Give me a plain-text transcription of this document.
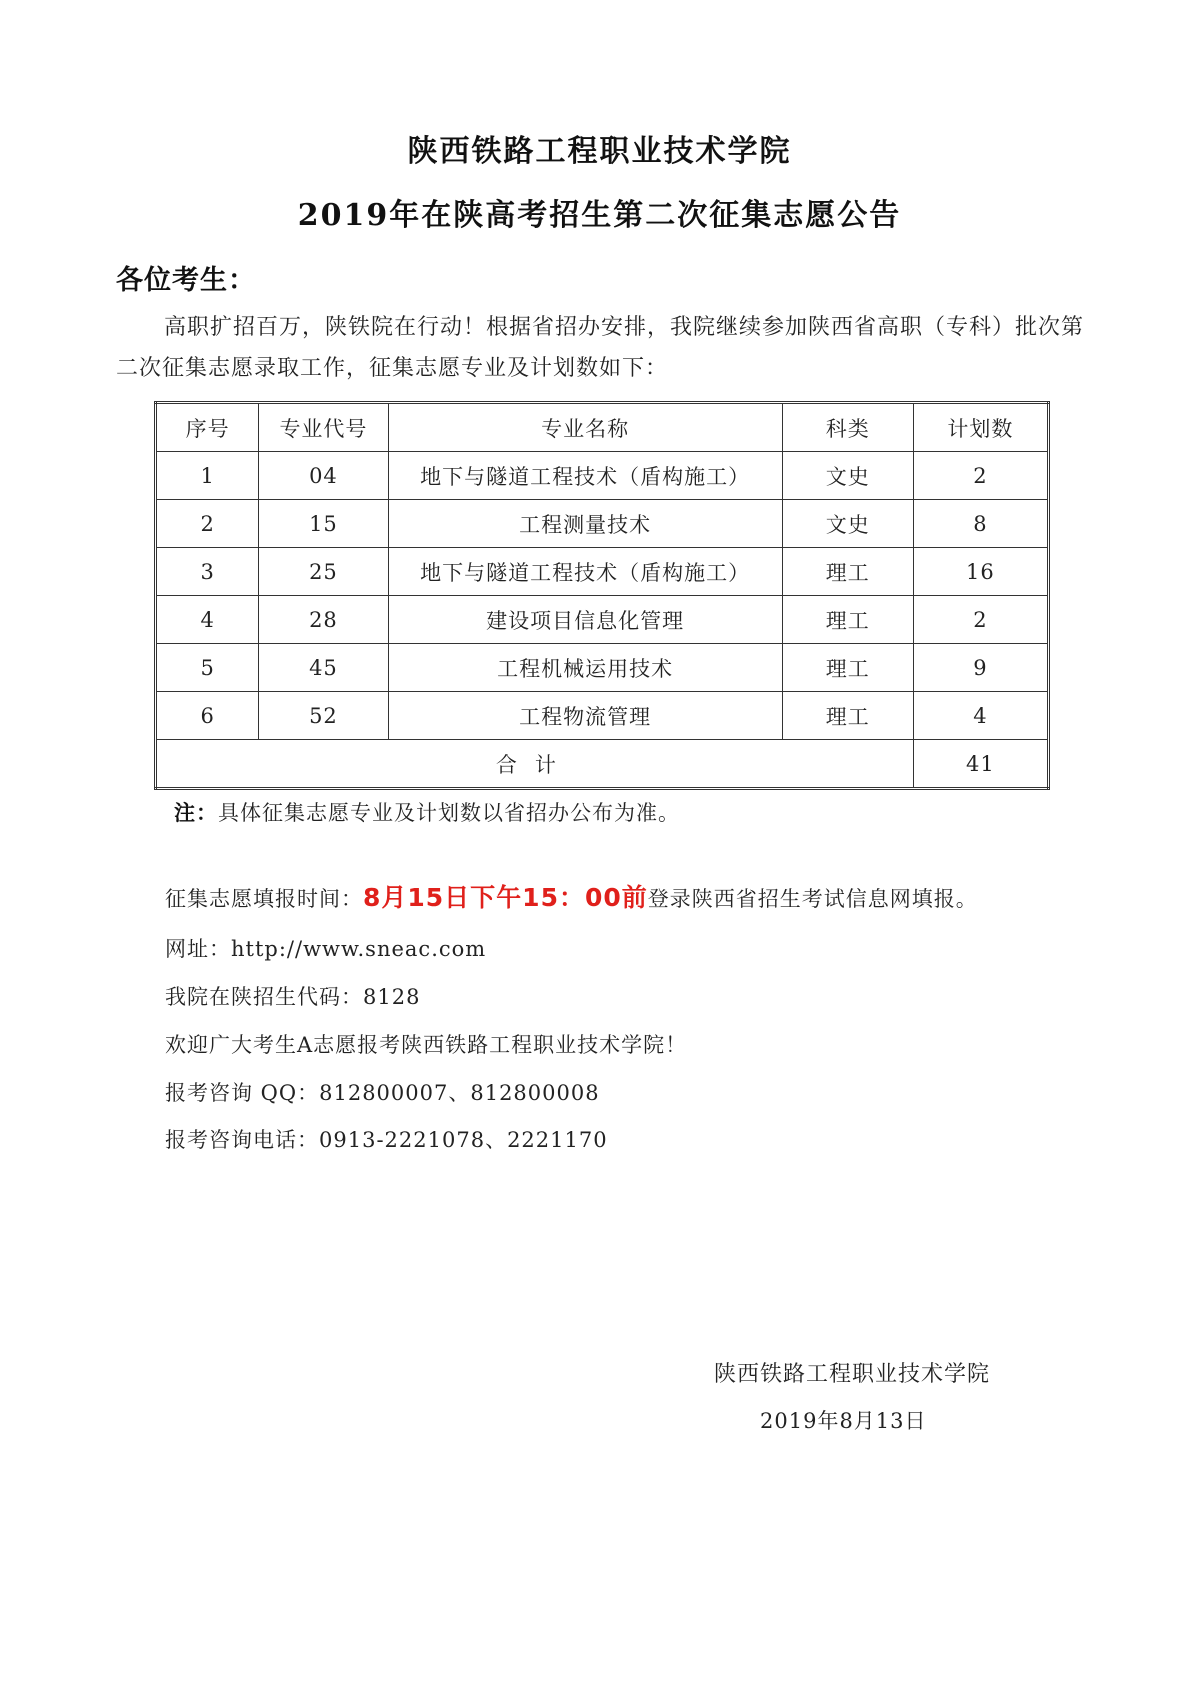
陕西铁路工程职业技术学院
2019年在陕高考招生第二次征集志愿公告
各位考生：
高职扩招百万，陕铁院在行动！根据省招办安排，我院继续参加陕西省高职（专科）批次第二次征集志愿录取工作，征集志愿专业及计划数如下：
序号	专业代号	专业名称	科类	计划数
1	04	地下与隧道工程技术（盾构施工）	文史	2
2	15	工程测量技术	文史	8
3	25	地下与隧道工程技术（盾构施工）	理工	16
4	28	建设项目信息化管理	理工	2
5	45	工程机械运用技术	理工	9
6	52	工程物流管理	理工	4
合计				41
注：具体征集志愿专业及计划数以省招办公布为准。
征集志愿填报时间：8月15日下午15：00前登录陕西省招生考试信息网填报。
网址：http://www.sneac.com
我院在陕招生代码：8128
欢迎广大考生A志愿报考陕西铁路工程职业技术学院！
报考咨询 QQ：812800007、812800008
报考咨询电话：0913-2221078、2221170
陕西铁路工程职业技术学院
2019年8月13日
